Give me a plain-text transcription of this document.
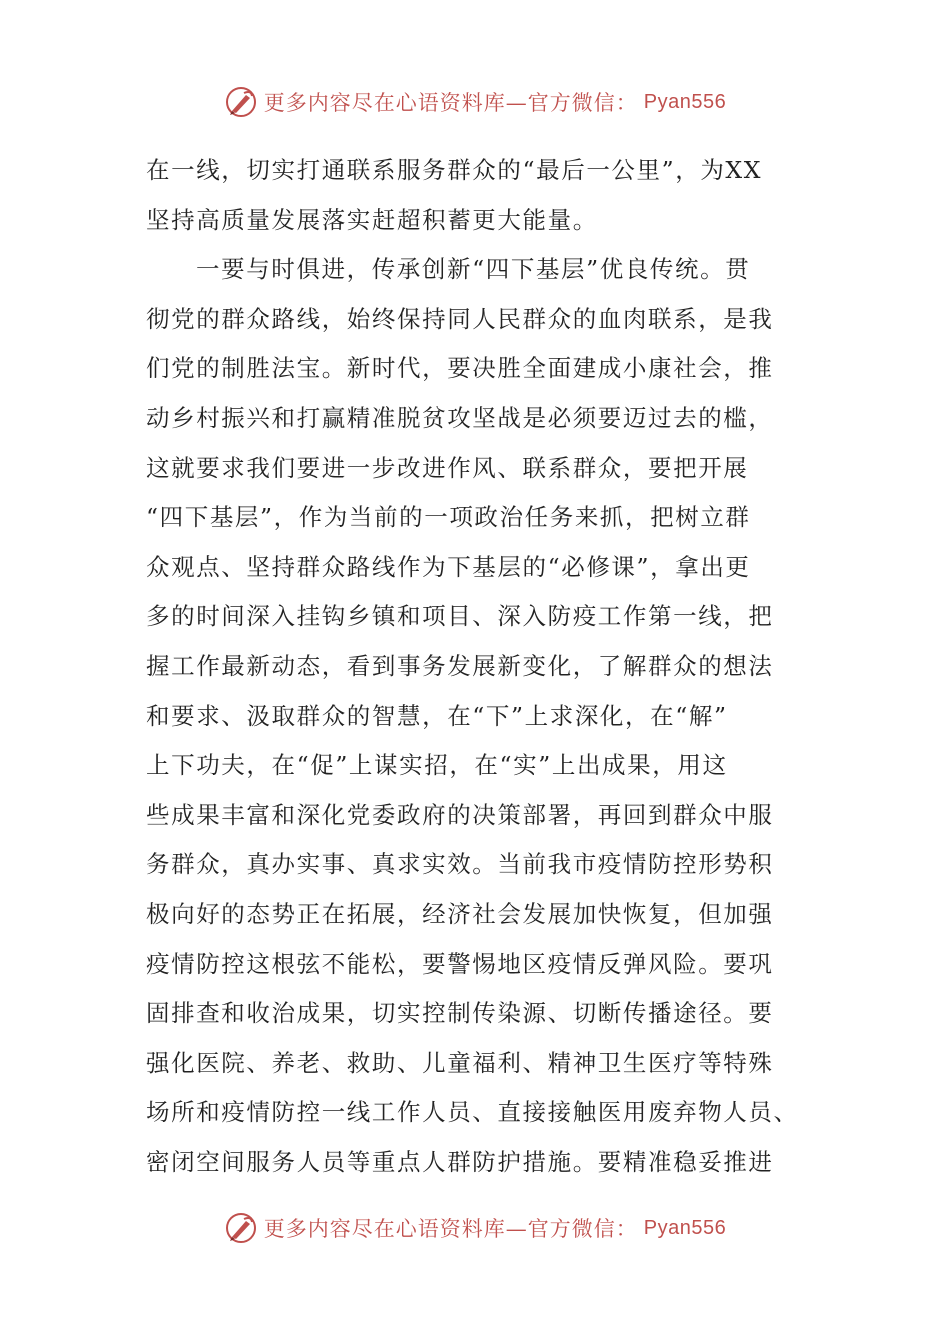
更多内容尽在心语资料库—官方微信： Pyan556

在一线，切实打通联系服务群众的“最后一公里”，为XX

坚持高质量发展落实赶超积蓄更大能量。

一要与时俱进，传承创新“四下基层”优良传统。贯

彻党的群众路线，始终保持同人民群众的血肉联系，是我

们党的制胜法宝。新时代，要决胜全面建成小康社会，推

动乡村振兴和打赢精准脱贫攻坚战是必须要迈过去的槛，

这就要求我们要进一步改进作风、联系群众，要把开展

“四下基层”，作为当前的一项政治任务来抓，把树立群

众观点、坚持群众路线作为下基层的“必修课”，拿出更

多的时间深入挂钩乡镇和项目、深入防疫工作第一线，把

握工作最新动态，看到事务发展新变化，了解群众的想法

和要求、汲取群众的智慧，在“下”上求深化，在“解”

上下功夫，在“促”上谋实招，在“实”上出成果，用这

些成果丰富和深化党委政府的决策部署，再回到群众中服

务群众，真办实事、真求实效。当前我市疫情防控形势积

极向好的态势正在拓展，经济社会发展加快恢复，但加强

疫情防控这根弦不能松，要警惕地区疫情反弹风险。要巩

固排查和收治成果，切实控制传染源、切断传播途径。要

强化医院、养老、救助、儿童福利、精神卫生医疗等特殊

场所和疫情防控一线工作人员、直接接触医用废弃物人员、

密闭空间服务人员等重点人群防护措施。要精准稳妥推进

更多内容尽在心语资料库—官方微信： Pyan556
